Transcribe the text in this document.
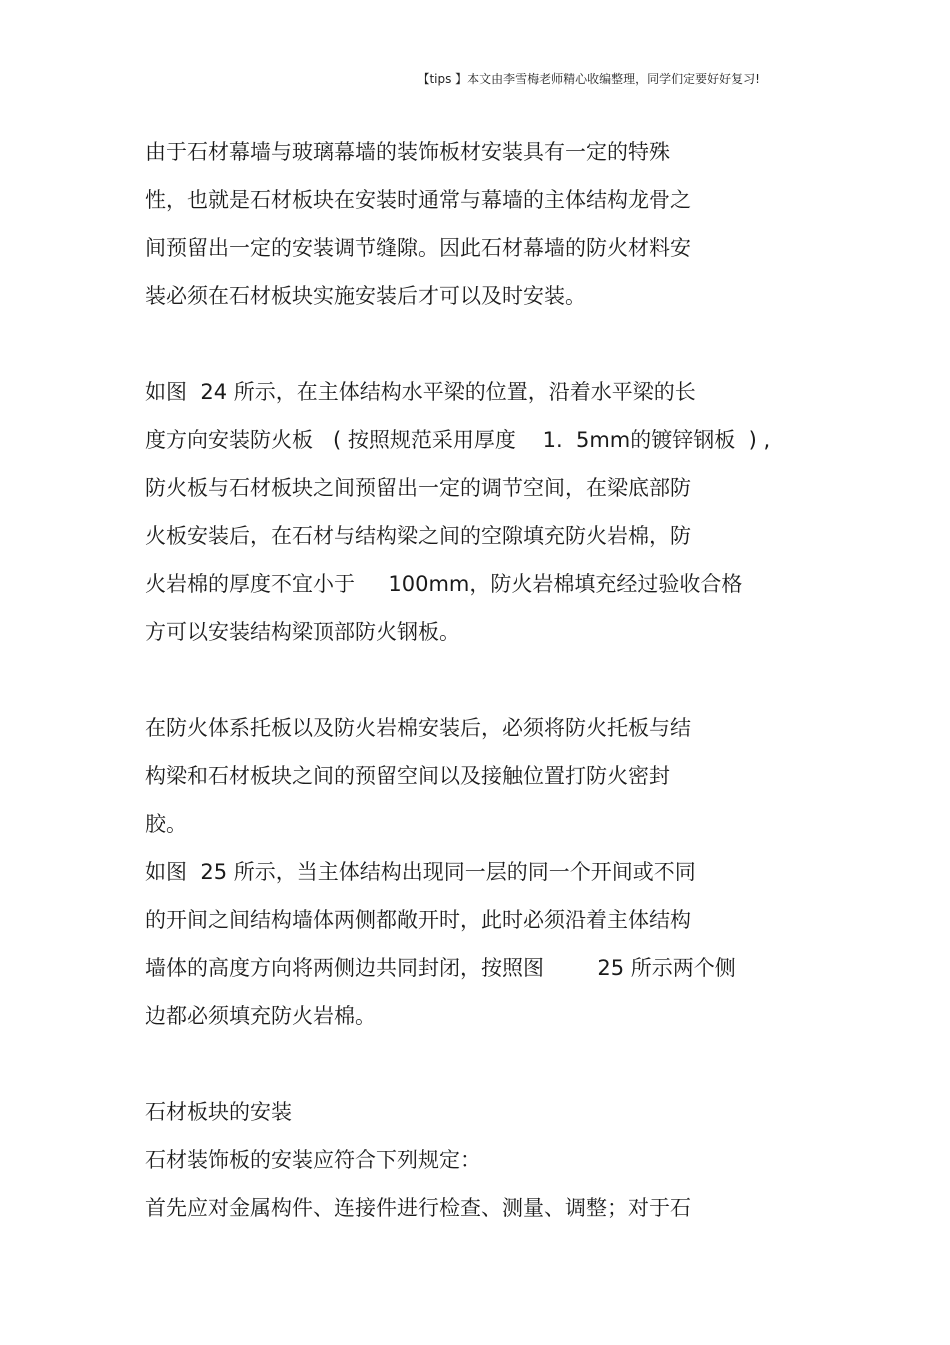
【tips 】本文由李雪梅老师精心收编整理，同学们定要好好复习!
由于石材幕墙与玻璃幕墙的装饰板材安装具有一定的特殊
性，也就是石材板块在安装时通常与幕墙的主体结构龙骨之
间预留出一定的安装调节缝隙。因此石材幕墙的防火材料安
装必须在石材板块实施安装后才可以及时安装。
如图  24 所示，在主体结构水平梁的位置，沿着水平梁的长
度方向安装防火板   ( 按照规范采用厚度    1.  5mm的镀锌钢板  ) ,
防火板与石材板块之间预留出一定的调节空间，在梁底部防
火板安装后，在石材与结构梁之间的空隙填充防火岩棉，防
火岩棉的厚度不宜小于     100mm，防火岩棉填充经过验收合格
方可以安装结构梁顶部防火钢板。
在防火体系托板以及防火岩棉安装后，必须将防火托板与结
构梁和石材板块之间的预留空间以及接触位置打防火密封
胶。
如图  25 所示，当主体结构出现同一层的同一个开间或不同
的开间之间结构墙体两侧都敞开时，此时必须沿着主体结构
墙体的高度方向将两侧边共同封闭，按照图        25 所示两个侧
边都必须填充防火岩棉。
石材板块的安装
石材装饰板的安装应符合下列规定：
首先应对金属构件、连接件进行检查、测量、调整；对于石
